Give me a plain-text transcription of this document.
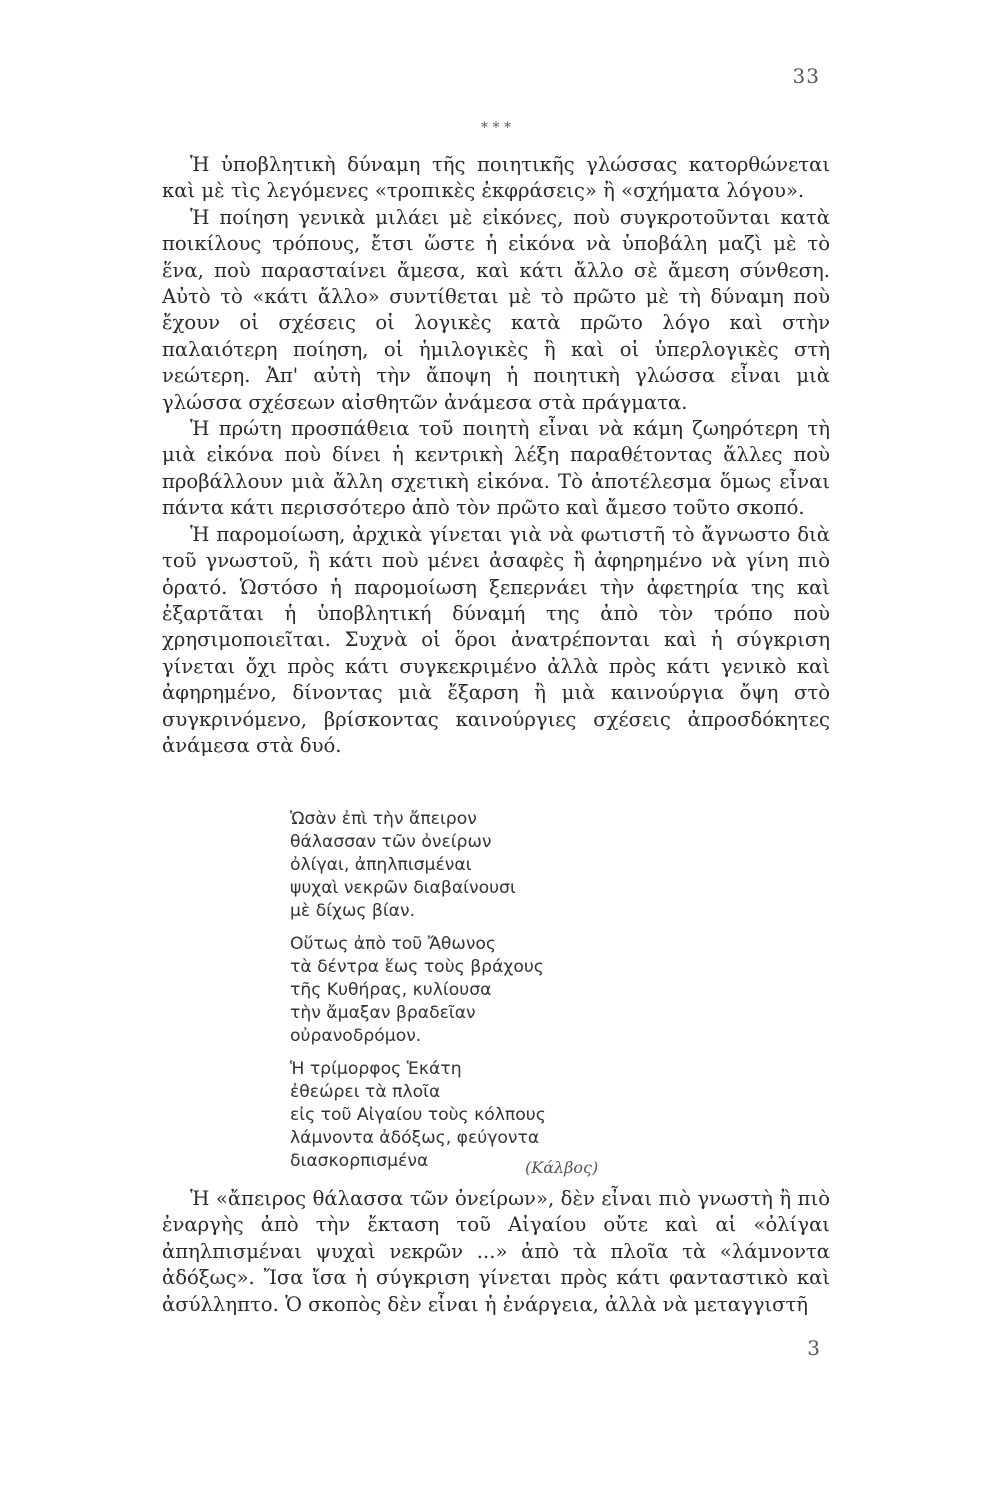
33
* * *

Ἡ ὑποβλητικὴ δύναμη τῆς ποιητικῆς γλώσσας κατορθώνεται καὶ μὲ τὶς λεγόμενες «τροπικὲς ἐκφράσεις» ἢ «σχήματα λόγου».

Ἡ ποίηση γενικὰ μιλάει μὲ εἰκόνες, ποὺ συγκροτοῦνται κατὰ ποικίλους τρόπους, ἔτσι ὥστε ἡ εἰκόνα νὰ ὑποβάλη μαζὶ μὲ τὸ ἕνα, ποὺ παρασταίνει ἄμεσα, καὶ κάτι ἄλλο σὲ ἄμεση σύνθεση. Αὐτὸ τὸ «κάτι ἄλλο» συντίθεται μὲ τὸ πρῶτο μὲ τὴ δύναμη ποὺ ἔχουν οἱ σχέσεις οἱ λογικὲς κατὰ πρῶτο λόγο καὶ στὴν παλαιότερη ποίηση, οἱ ἡμιλογικὲς ἢ καὶ οἱ ὑπερλογικὲς στὴ νεώτερη. Ἀπ' αὐτὴ τὴν ἄποψη ἡ ποιητικὴ γλώσσα εἶναι μιὰ γλώσσα σχέσεων αἰσθητῶν ἀνάμεσα στὰ πράγματα.

Ἡ πρώτη προσπάθεια τοῦ ποιητὴ εἶναι νὰ κάμη ζωηρότερη τὴ μιὰ εἰκόνα ποὺ δίνει ἡ κεντρικὴ λέξη παραθέτοντας ἄλλες ποὺ προβάλλουν μιὰ ἄλλη σχετικὴ εἰκόνα. Τὸ ἀποτέλεσμα ὅμως εἶναι πάντα κάτι περισσότερο ἀπὸ τὸν πρῶτο καὶ ἄμεσο τοῦτο σκοπό.

Ἡ παρομοίωση, ἀρχικὰ γίνεται γιὰ νὰ φωτιστῆ τὸ ἄγνωστο διὰ τοῦ γνωστοῦ, ἢ κάτι ποὺ μένει ἀσαφὲς ἢ ἀφηρημένο νὰ γίνη πιὸ ὁρατό. Ὡστόσο ἡ παρομοίωση ξεπερνάει τὴν ἀφετηρία της καὶ ἐξαρτᾶται ἡ ὑποβλητική δύναμή της ἀπὸ τὸν τρόπο ποὺ χρησιμοποιεῖται. Συχνὰ οἱ ὅροι ἀνατρέπονται καὶ ἡ σύγκριση γίνεται ὄχι πρὸς κάτι συγκεκριμένο ἀλλὰ πρὸς κάτι γενικὸ καὶ ἀφηρημένο, δίνοντας μιὰ ἔξαρση ἢ μιὰ καινούργια ὄψη στὸ συγκρινόμενο, βρίσκοντας καινούργιες σχέσεις ἀπροσδόκητες ἀνάμεσα στὰ δυό.

Ὡσὰν ἐπὶ τὴν ἄπειρον
θάλασσαν τῶν ὀνείρων
ὀλίγαι, ἀπηλπισμέναι
ψυχαὶ νεκρῶν διαβαίνουσι
μὲ δίχως βίαν.
Οὕτως ἀπὸ τοῦ Ἄθωνος
τὰ δέντρα ἕως τοὺς βράχους
τῆς Κυθήρας, κυλίουσα
τὴν ἄμαξαν βραδεῖαν
οὐρανοδρόμον.
Ἡ τρίμορφος Ἑκάτη
ἐθεώρει τὰ πλοῖα
εἰς τοῦ Αἰγαίου τοὺς κόλπους
λάμνοντα ἀδόξως, φεύγοντα
διασκορπισμένα	(Κάλβος)

Ἡ «ἄπειρος θάλασσα τῶν ὀνείρων», δὲν εἶναι πιὸ γνωστὴ ἢ πιὸ ἐναργὴς ἀπὸ τὴν ἔκταση τοῦ Αἰγαίου οὔτε καὶ αἱ «ὀλίγαι ἀπηλπισμέναι ψυχαὶ νεκρῶν ...» ἀπὸ τὰ πλοῖα τὰ «λάμνοντα ἀδόξως». Ἴσα ἴσα ἡ σύγκριση γίνεται πρὸς κάτι φανταστικὸ καὶ ἀσύλληπτο. Ὁ σκοπὸς δὲν εἶναι ἡ ἐνάργεια, ἀλλὰ νὰ μεταγγιστῆ

3
